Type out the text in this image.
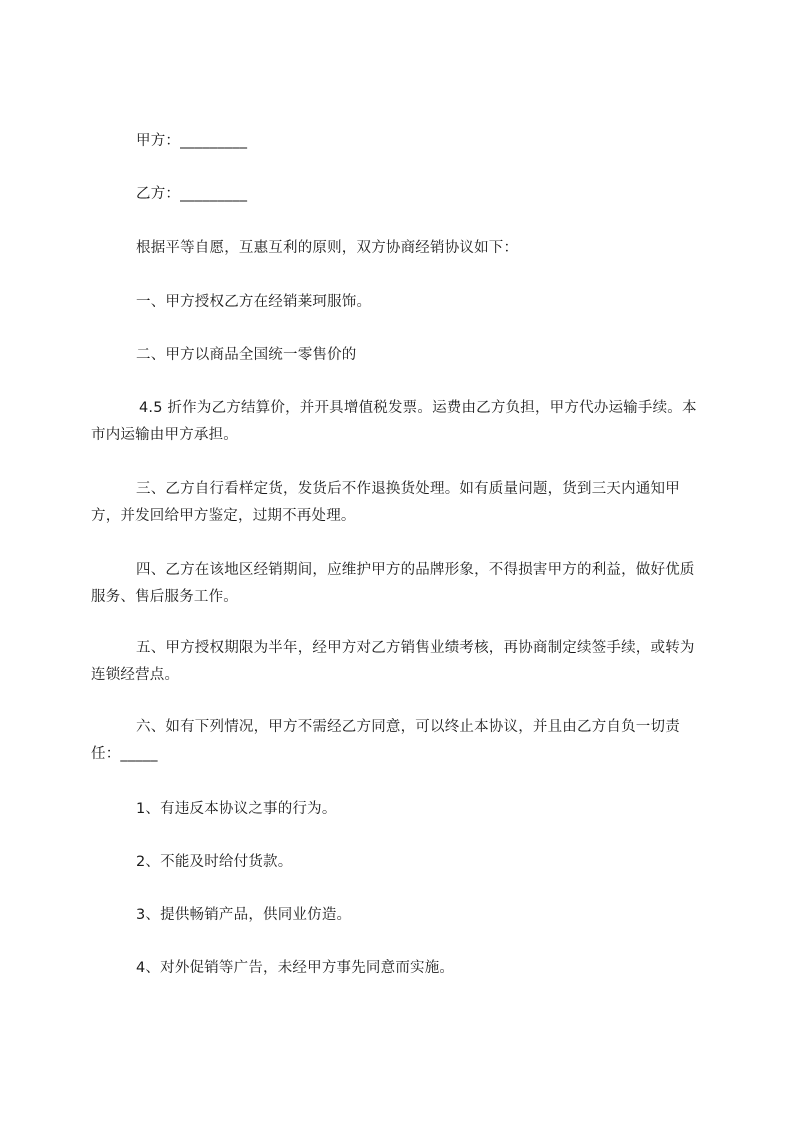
甲方：_________
乙方：_________
根据平等自愿，互惠互利的原则，双方协商经销协议如下：
一、甲方授权乙方在经销莱珂服饰。
二、甲方以商品全国统一零售价的
4.5 折作为乙方结算价，并开具增值税发票。运费由乙方负担，甲方代办运输手续。本市内运输由甲方承担。
三、乙方自行看样定货，发货后不作退换货处理。如有质量问题，货到三天内通知甲方，并发回给甲方鉴定，过期不再处理。
四、乙方在该地区经销期间，应维护甲方的品牌形象，不得损害甲方的利益，做好优质服务、售后服务工作。
五、甲方授权期限为半年，经甲方对乙方销售业绩考核，再协商制定续签手续，或转为连锁经营点。
六、如有下列情况，甲方不需经乙方同意，可以终止本协议，并且由乙方自负一切责任：_____
1、有违反本协议之事的行为。
2、不能及时给付货款。
3、提供畅销产品，供同业仿造。
4、对外促销等广告，未经甲方事先同意而实施。
